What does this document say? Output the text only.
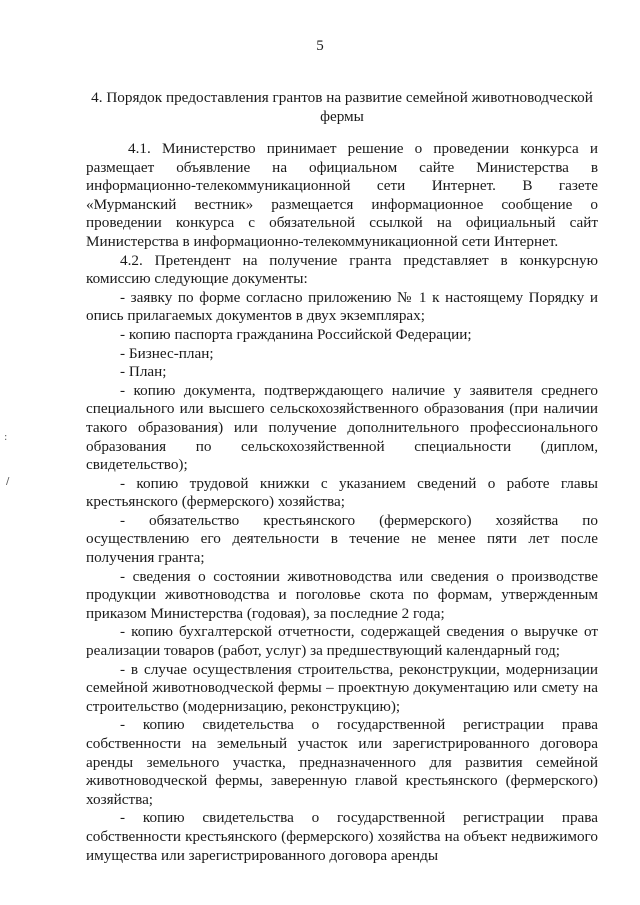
5
4. Порядок предоставления грантов на развитие семейной животноводческой фермы

4.1. Министерство принимает решение о проведении конкурса и размещает объявление на официальном сайте Министерства в информационно-телекоммуникационной сети Интернет. В газете «Мурманский вестник» размещается информационное сообщение о проведении конкурса с обязательной ссылкой на официальный сайт Министерства в информационно-телекоммуникационной сети Интернет.

4.2. Претендент на получение гранта представляет в конкурсную комиссию следующие документы:

- заявку по форме согласно приложению № 1 к настоящему Порядку и опись прилагаемых документов в двух экземплярах;

- копию паспорта гражданина Российской Федерации;

- Бизнес-план;

- План;

- копию документа, подтверждающего наличие у заявителя среднего специального или высшего сельскохозяйственного образования (при наличии такого образования) или получение дополнительного профессионального образования по сельскохозяйственной специальности (диплом, свидетельство);

- копию трудовой книжки с указанием сведений о работе главы крестьянского (фермерского) хозяйства;

- обязательство крестьянского (фермерского) хозяйства по осуществлению его деятельности в течение не менее пяти лет после получения гранта;

- сведения о состоянии животноводства или сведения о производстве продукции животноводства и поголовье скота по формам, утвержденным приказом Министерства (годовая), за последние 2 года;

- копию бухгалтерской отчетности, содержащей сведения о выручке от реализации товаров (работ, услуг) за предшествующий календарный год;

- в случае осуществления строительства, реконструкции, модернизации семейной животноводческой фермы – проектную документацию или смету на строительство (модернизацию, реконструкцию);

- копию свидетельства о государственной регистрации права собственности на земельный участок или зарегистрированного договора аренды земельного участка, предназначенного для развития семейной животноводческой фермы, заверенную главой крестьянского (фермерского) хозяйства;

- копию свидетельства о государственной регистрации права собственности крестьянского (фермерского) хозяйства на объект недвижимого имущества или зарегистрированного договора аренды

:
/
